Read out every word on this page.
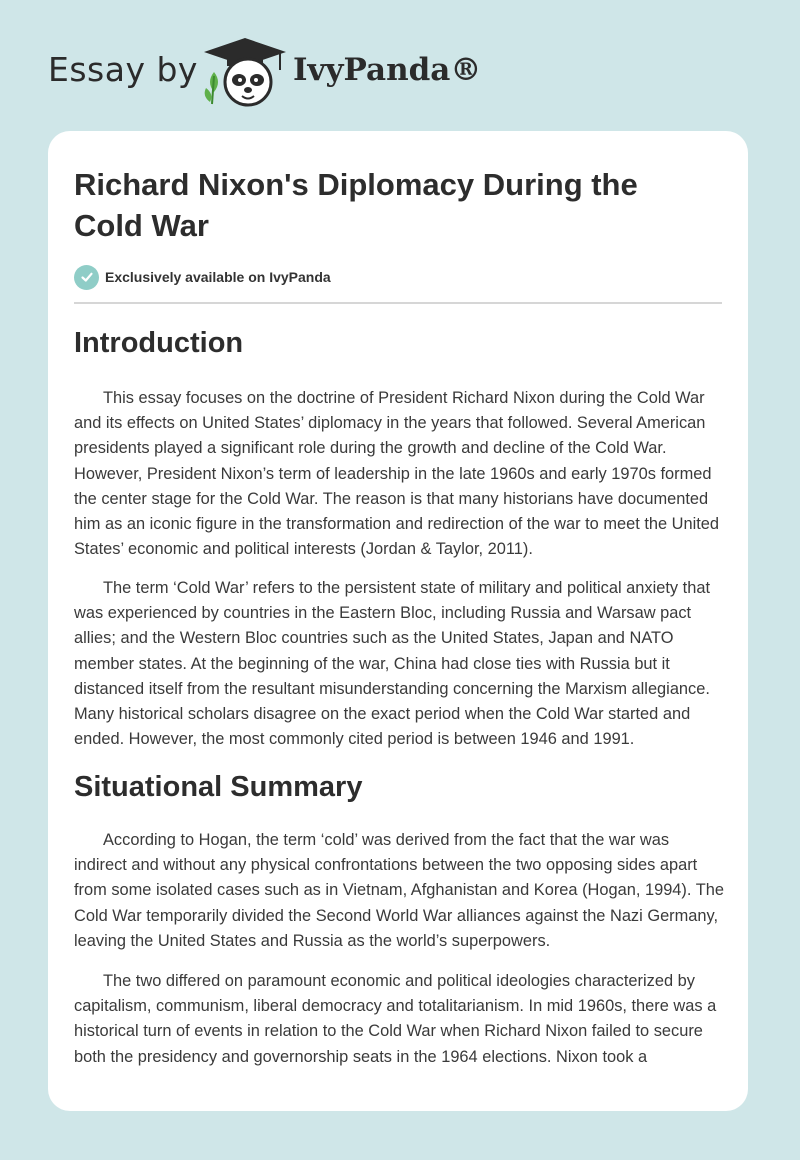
Essay by	IvyPanda®
Richard Nixon's Diplomacy During the Cold War
Exclusively available on IvyPanda
Introduction

This essay focuses on the doctrine of President Richard Nixon during the Cold War and its effects on United States’ diplomacy in the years that followed. Several American presidents played a significant role during the growth and decline of the Cold War. However, President Nixon’s term of leadership in the late 1960s and early 1970s formed the center stage for the Cold War. The reason is that many historians have documented him as an iconic figure in the transformation and redirection of the war to meet the United States’ economic and political interests (Jordan & Taylor, 2011).

The term ‘Cold War’ refers to the persistent state of military and political anxiety that was experienced by countries in the Eastern Bloc, including Russia and Warsaw pact allies; and the Western Bloc countries such as the United States, Japan and NATO member states. At the beginning of the war, China had close ties with Russia but it distanced itself from the resultant misunderstanding concerning the Marxism allegiance. Many historical scholars disagree on the exact period when the Cold War started and ended. However, the most commonly cited period is between 1946 and 1991.

Situational Summary

According to Hogan, the term ‘cold’ was derived from the fact that the war was indirect and without any physical confrontations between the two opposing sides apart from some isolated cases such as in Vietnam, Afghanistan and Korea (Hogan, 1994). The Cold War temporarily divided the Second World War alliances against the Nazi Germany, leaving the United States and Russia as the world’s superpowers.

The two differed on paramount economic and political ideologies characterized by capitalism, communism, liberal democracy and totalitarianism. In mid 1960s, there was a historical turn of events in relation to the Cold War when Richard Nixon failed to secure both the presidency and governorship seats in the 1964 elections. Nixon took a
